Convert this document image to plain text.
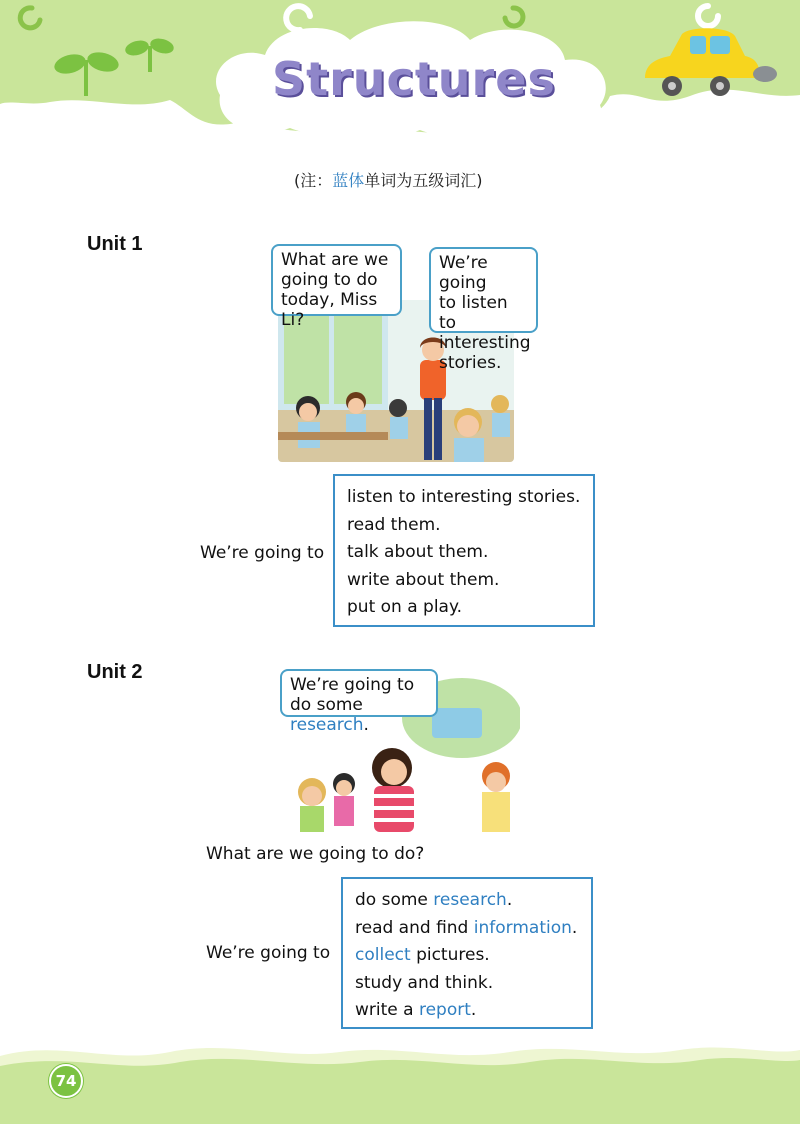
Structures
(注：蓝体单词为五级词汇)
Unit 1
What are we
going to do
today, Miss Li?
We’re going
to listen to
interesting
stories.
We’re going to
listen to interesting stories.
read them.
talk about them.
write about them.
put on a play.
Unit 2
We’re going to
do some research.
What are we going to do?
We’re going to
do some research.
read and find information.
collect pictures.
study and think.
write a report.
74
